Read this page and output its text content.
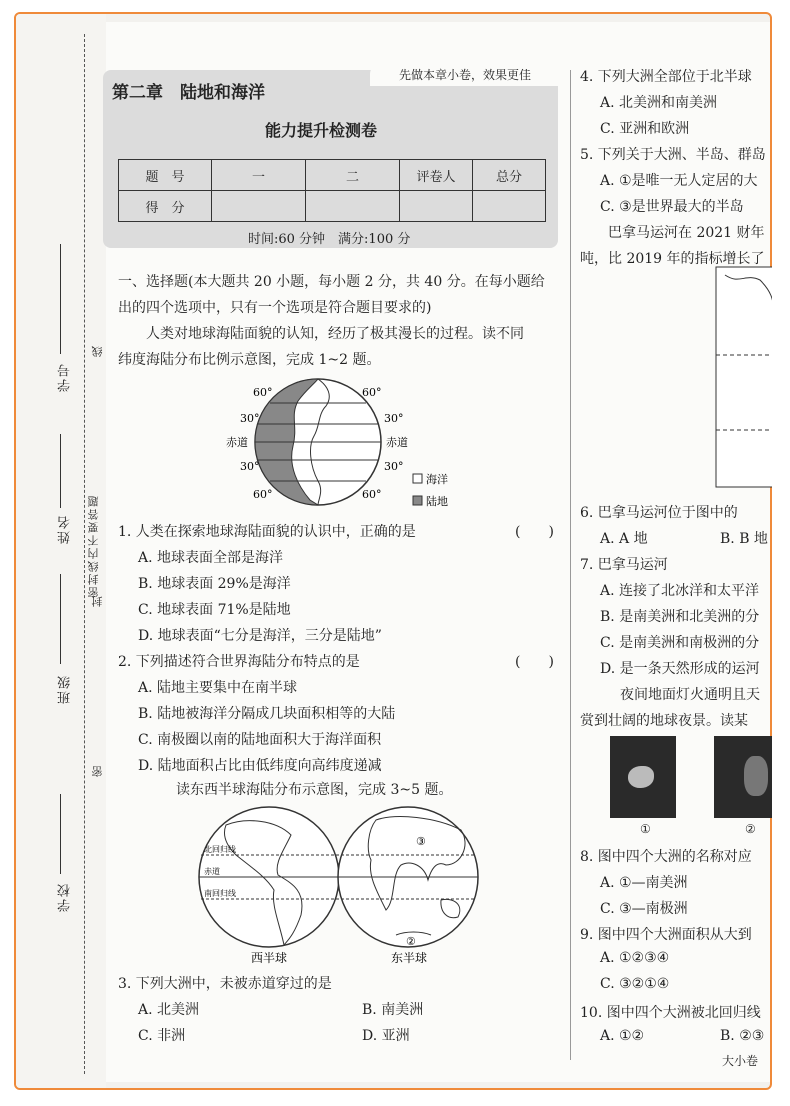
学校
班级
姓名
学号
密封线内不要答题
密
封
线
第二章　陆地和海洋
先做本章小卷，效果更佳
能力提升检测卷
题　号	一	二	评卷人	总分
得　分				
时间:60 分钟　满分:100 分
一、选择题(本大题共 20 小题，每小题 2 分，共 40 分。在每小题给
出的四个选项中，只有一个选项是符合题目要求的)
人类对地球海陆面貌的认知，经历了极其漫长的过程。读不同
纬度海陆分布比例示意图，完成 1~2 题。
60°
30°
赤道
30°
60°
60°
30°
赤道
30°
60°
海洋
陆地
1. 人类在探索地球海陆面貌的认识中，正确的是	(　　)
A. 地球表面全部是海洋
B. 地球表面 29%是海洋
C. 地球表面 71%是陆地
D. 地球表面“七分是海洋，三分是陆地”
2. 下列描述符合世界海陆分布特点的是	(　　)
A. 陆地主要集中在南半球
B. 陆地被海洋分隔成几块面积相等的大陆
C. 南极圈以南的陆地面积大于海洋面积
D. 陆地面积占比由低纬度向高纬度递减
读东西半球海陆分布示意图，完成 3~5 题。
北回归线
赤道
南回归线
③
②
西半球	东半球
3. 下列大洲中，未被赤道穿过的是
A. 北美洲	B. 南美洲
C. 非洲	D. 亚洲
4. 下列大洲全部位于北半球
A. 北美洲和南美洲
C. 亚洲和欧洲
5. 下列关于大洲、半岛、群岛
A. ①是唯一无人定居的大
C. ③是世界最大的半岛
巴拿马运河在 2021 财年
吨，比 2019 年的指标增长了
6. 巴拿马运河位于图中的
A. A 地	B. B 地
7. 巴拿马运河
A. 连接了北冰洋和太平洋
B. 是南美洲和北美洲的分
C. 是南美洲和南极洲的分
D. 是一条天然形成的运河
夜间地面灯火通明且天
赏到壮阔的地球夜景。读某
①	②
8. 图中四个大洲的名称对应
A. ①—南美洲
C. ③—南极洲
9. 图中四个大洲面积从大到
A. ①②③④
C. ③②①④
10. 图中四个大洲被北回归线
A. ①②	B. ②③
大小卷
